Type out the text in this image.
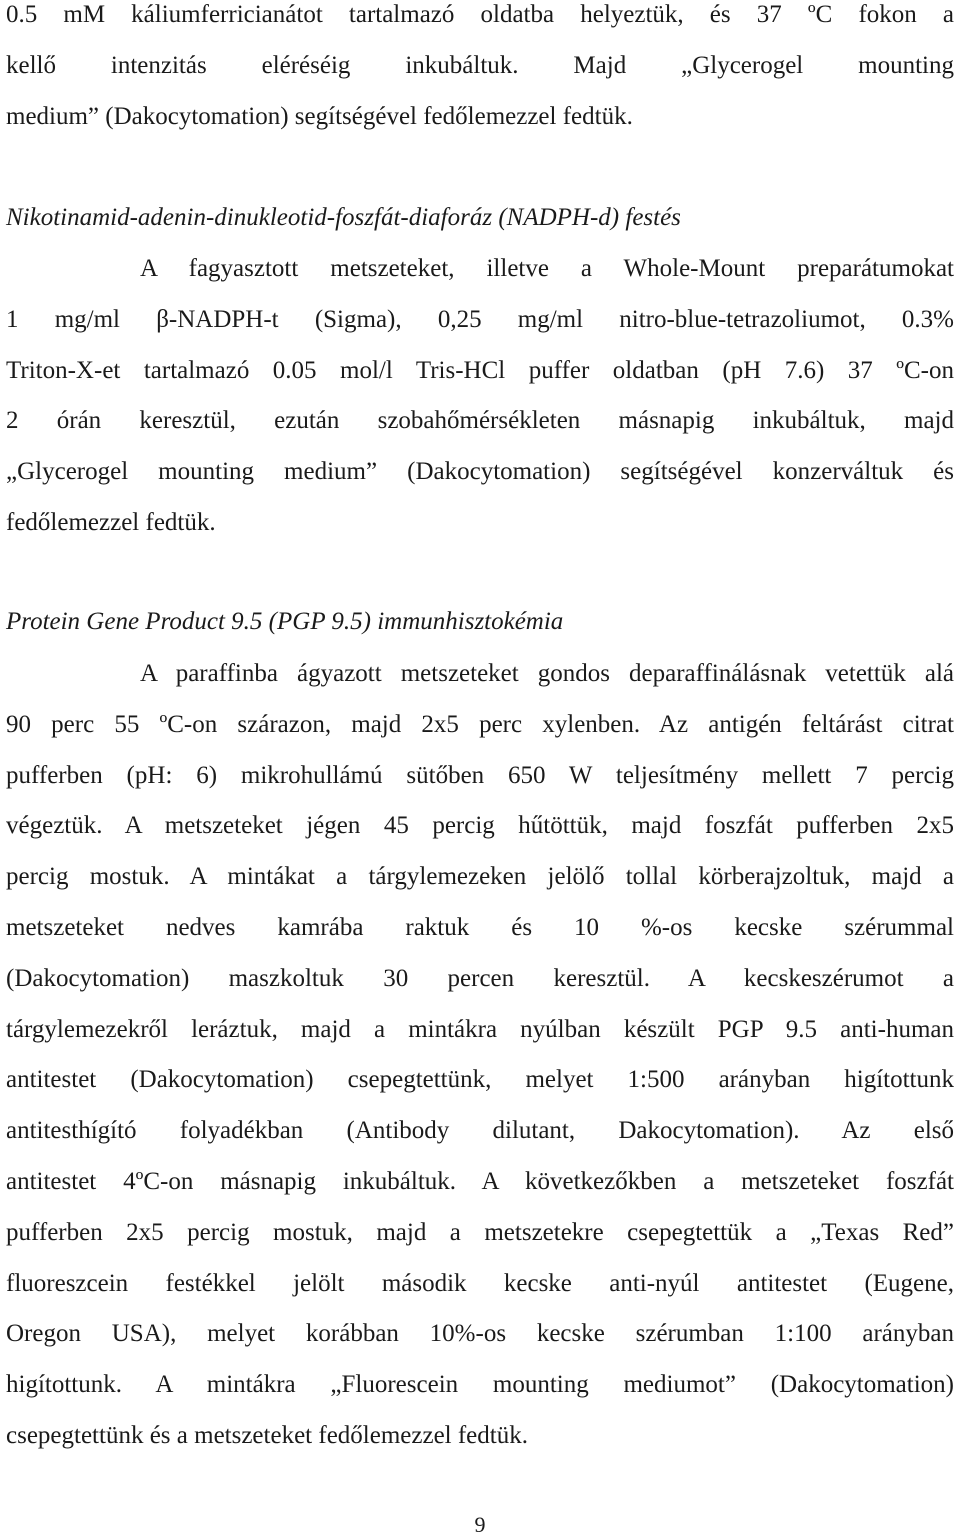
0.5 mM káliumferricianátot tartalmazó oldatba helyeztük, és 37 ºC fokon a
kellő intenzitás eléréséig inkubáltuk. Majd „Glycerogel mounting
medium” (Dakocytomation) segítségével fedőlemezzel fedtük.
Nikotinamid-adenin-dinukleotid-foszfát-diaforáz (NADPH-d) festés
A fagyasztott metszeteket, illetve a Whole-Mount preparátumokat
1 mg/ml β-NADPH-t (Sigma), 0,25 mg/ml nitro-blue-tetrazoliumot, 0.3%
Triton-X-et tartalmazó 0.05 mol/l Tris-HCl puffer oldatban (pH 7.6) 37 ºC-on
2 órán keresztül, ezután szobahőmérsékleten másnapig inkubáltuk, majd
„Glycerogel mounting medium” (Dakocytomation) segítségével konzerváltuk és
fedőlemezzel fedtük.
Protein Gene Product 9.5 (PGP 9.5) immunhisztokémia
A paraffinba ágyazott metszeteket gondos deparaffinálásnak vetettük alá
90 perc 55 ºC-on szárazon, majd 2x5 perc xylenben. Az antigén feltárást citrat
pufferben (pH: 6) mikrohullámú sütőben 650 W teljesítmény mellett 7 percig
végeztük. A metszeteket jégen 45 percig hűtöttük, majd foszfát pufferben 2x5
percig mostuk. A mintákat a tárgylemezeken jelölő tollal körberajzoltuk, majd a
metszeteket nedves kamrába raktuk és 10 %-os kecske szérummal
(Dakocytomation) maszkoltuk 30 percen keresztül. A kecskeszérumot a
tárgylemezekről leráztuk, majd a mintákra nyúlban készült PGP 9.5 anti-human
antitestet (Dakocytomation) csepegtettünk, melyet 1:500 arányban higítottunk
antitesthígító folyadékban (Antibody dilutant, Dakocytomation). Az első
antitestet 4ºC-on másnapig inkubáltuk. A következőkben a metszeteket foszfát
pufferben 2x5 percig mostuk, majd a metszetekre csepegtettük a „Texas Red”
fluoreszcein festékkel jelölt második kecske anti-nyúl antitestet (Eugene,
Oregon USA), melyet korábban 10%-os kecske szérumban 1:100 arányban
higítottunk. A mintákra „Fluorescein mounting mediumot” (Dakocytomation)
csepegtettünk és a metszeteket fedőlemezzel fedtük.
9
